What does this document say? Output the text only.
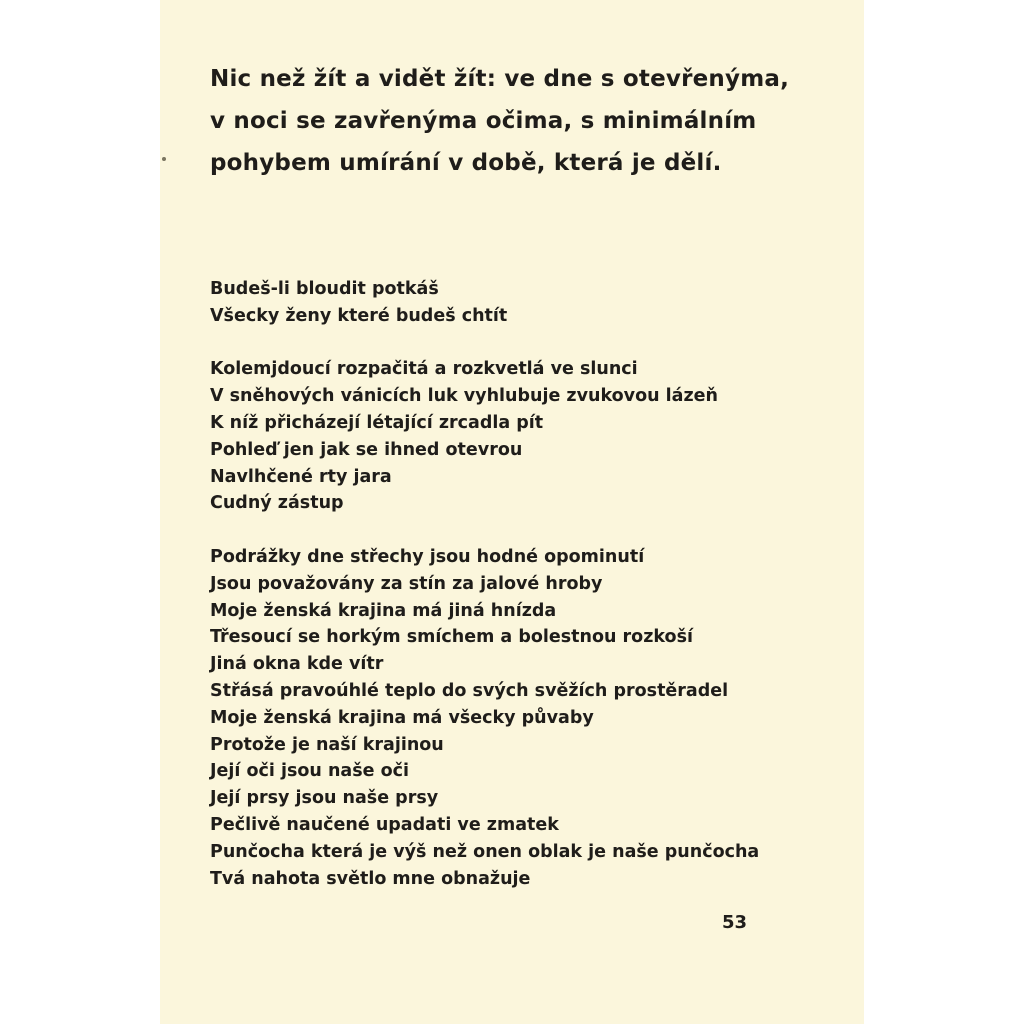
Nic než žít a vidět žít: ve dne s otevřenýma,
v noci se zavřenýma očima, s minimálním
pohybem umírání v době, která je dělí.
Budeš-li bloudit potkáš
Všecky ženy které budeš chtít
Kolemjdoucí rozpačitá a rozkvetlá ve slunci
V sněhových vánicích luk vyhlubuje zvukovou lázeň
K níž přicházejí létající zrcadla pít
Pohleď jen jak se ihned otevrou
Navlhčené rty jara
Cudný zástup
Podrážky dne střechy jsou hodné opominutí
Jsou považovány za stín za jalové hroby
Moje ženská krajina má jiná hnízda
Třesoucí se horkým smíchem a bolestnou rozkoší
Jiná okna kde vítr
Střásá pravoúhlé teplo do svých svěžích prostěradel
Moje ženská krajina má všecky půvaby
Protože je naší krajinou
Její oči jsou naše oči
Její prsy jsou naše prsy
Pečlivě naučené upadati ve zmatek
Punčocha která je výš než onen oblak je naše punčocha
Tvá nahota světlo mne obnažuje
53
